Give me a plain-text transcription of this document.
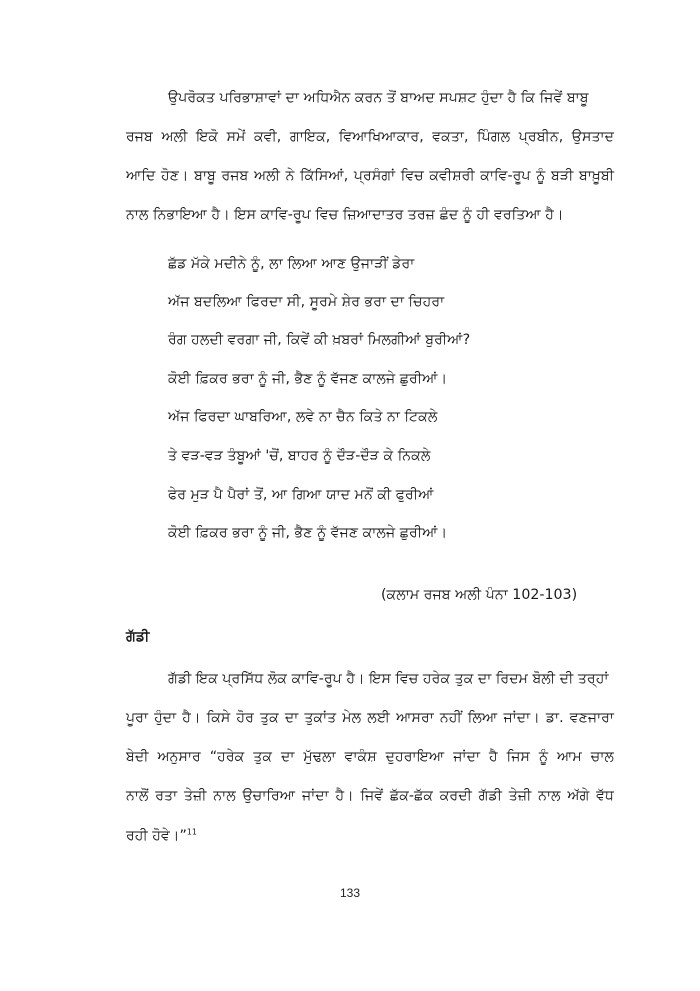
ਉਪਰੋਕਤ ਪਰਿਭਾਸ਼ਾਵਾਂ ਦਾ ਅਧਿਐਨ ਕਰਨ ਤੋਂ ਬਾਅਦ ਸਪਸ਼ਟ ਹੁੰਦਾ ਹੈ ਕਿ ਜਿਵੇਂ ਬਾਬੂ
ਰਜਬ ਅਲੀ ਇਕੋ ਸਮੇਂ ਕਵੀ, ਗਾਇਕ, ਵਿਆਖਿਆਕਾਰ, ਵਕਤਾ, ਪਿੰਗਲ ਪ੍ਰਬੀਨ, ਉਸਤਾਦ
ਆਦਿ ਹੋਣ। ਬਾਬੂ ਰਜਬ ਅਲੀ ਨੇ ਕਿੱਸਿਆਂ, ਪ੍ਰਸੰਗਾਂ ਵਿਚ ਕਵੀਸ਼ਰੀ ਕਾਵਿ-ਰੂਪ ਨੂੰ ਬੜੀ ਬਾਖ਼ੂਬੀ
ਨਾਲ ਨਿਭਾਇਆ ਹੈ। ਇਸ ਕਾਵਿ-ਰੂਪ ਵਿਚ ਜ਼ਿਆਦਾਤਰ ਤਰਜ਼ ਛੰਦ ਨੂੰ ਹੀ ਵਰਤਿਆ ਹੈ।
ਛੱਡ ਮੱਕੇ ਮਦੀਨੇ ਨੂੰ, ਲਾ ਲਿਆ ਆਣ ਉਜਾੜੀਂ ਡੇਰਾ
ਅੱਜ ਬਦਲਿਆ ਫਿਰਦਾ ਸੀ, ਸੂਰਮੇ ਸ਼ੇਰ ਭਰਾ ਦਾ ਚਿਹਰਾ
ਰੰਗ ਹਲਦੀ ਵਰਗਾ ਜੀ, ਕਿਵੇਂ ਕੀ ਖ਼ਬਰਾਂ ਮਿਲਗੀਆਂ ਬੁਰੀਆਂ?
ਕੋਈ ਫ਼ਿਕਰ ਭਰਾ ਨੂੰ ਜੀ, ਭੈਣ ਨੂੰ ਵੱਜਣ ਕਾਲਜੇ ਛੁਰੀਆਂ।
ਅੱਜ ਫਿਰਦਾ ਘਾਬਰਿਆ, ਲਵੇ ਨਾ ਚੈਨ ਕਿਤੇ ਨਾ ਟਿਕਲੇ
ਤੇ ਵੜ-ਵੜ ਤੰਬੂਆਂ 'ਚੋਂ, ਬਾਹਰ ਨੂੰ ਦੌੜ-ਦੌੜ ਕੇ ਨਿਕਲੇ
ਫੇਰ ਮੁੜ ਪੈ ਪੈਰਾਂ ਤੋਂ, ਆ ਗਿਆ ਯਾਦ ਮਨੋਂ ਕੀ ਫੁਰੀਆਂ
ਕੋਈ ਫ਼ਿਕਰ ਭਰਾ ਨੂੰ ਜੀ, ਭੈਣ ਨੂੰ ਵੱਜਣ ਕਾਲਜੇ ਛੁਰੀਆਂ।
(ਕਲਾਮ ਰਜਬ ਅਲੀ ਪੰਨਾ 102-103)
ਗੱਡੀ
ਗੱਡੀ ਇਕ ਪ੍ਰਸਿੱਧ ਲੋਕ ਕਾਵਿ-ਰੂਪ ਹੈ। ਇਸ ਵਿਚ ਹਰੇਕ ਤੁਕ ਦਾ ਰਿਦਮ ਬੋਲੀ ਦੀ ਤਰ੍ਹਾਂ
ਪੂਰਾ ਹੁੰਦਾ ਹੈ। ਕਿਸੇ ਹੋਰ ਤੁਕ ਦਾ ਤੁਕਾਂਤ ਮੇਲ ਲਈ ਆਸਰਾ ਨਹੀਂ ਲਿਆ ਜਾਂਦਾ। ਡਾ. ਵਣਜਾਰਾ
ਬੇਦੀ ਅਨੁਸਾਰ “ਹਰੇਕ ਤੁਕ ਦਾ ਮੁੱਢਲਾ ਵਾਕੰਸ਼ ਦੁਹਰਾਇਆ ਜਾਂਦਾ ਹੈ ਜਿਸ ਨੂੰ ਆਮ ਚਾਲ
ਨਾਲੋਂ ਰਤਾ ਤੇਜ਼ੀ ਨਾਲ ਉਚਾਰਿਆ ਜਾਂਦਾ ਹੈ। ਜਿਵੇਂ ਛੱਕ-ਛੱਕ ਕਰਦੀ ਗੱਡੀ ਤੇਜ਼ੀ ਨਾਲ ਅੱਗੇ ਵੱਧ
ਰਹੀ ਹੋਵੇ।”$^{11}$
133
